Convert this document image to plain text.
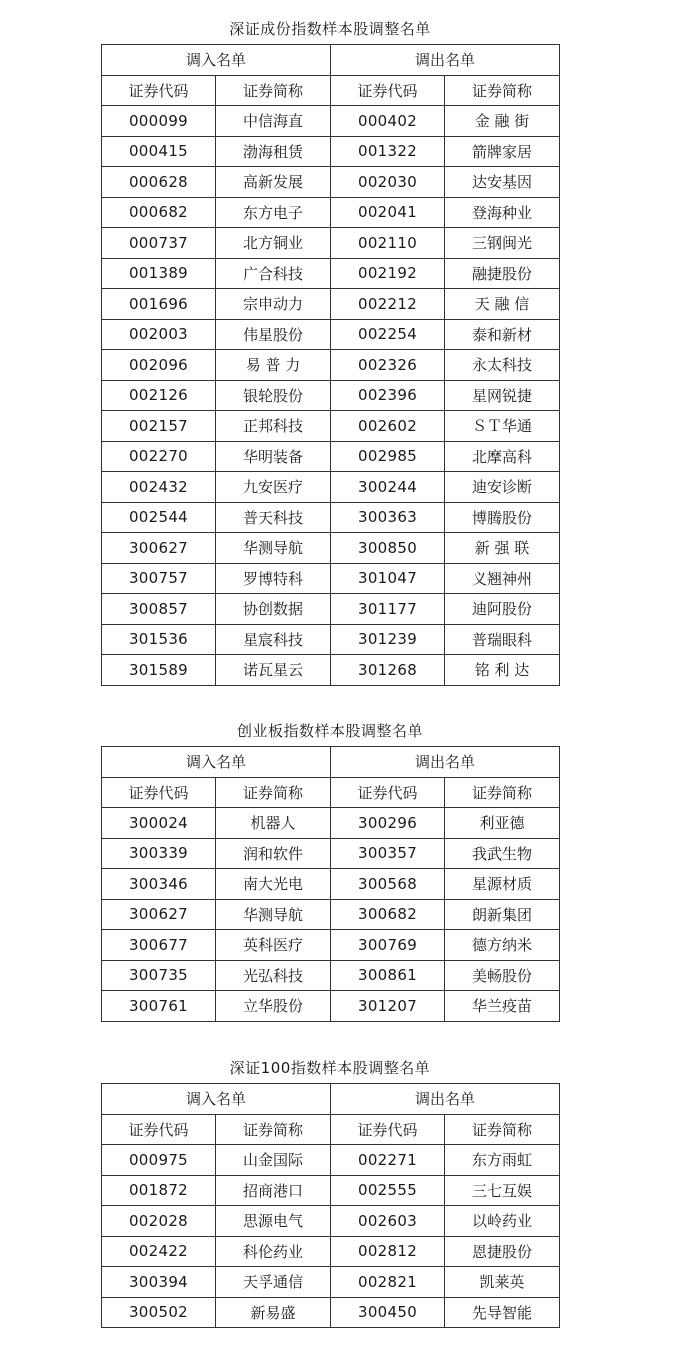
深证成份指数样本股调整名单
调入名单		调出名单	
证券代码	证券简称	证券代码	证券简称
000099	中信海直	000402	金 融 街
000415	渤海租赁	001322	箭牌家居
000628	高新发展	002030	达安基因
000682	东方电子	002041	登海种业
000737	北方铜业	002110	三钢闽光
001389	广合科技	002192	融捷股份
001696	宗申动力	002212	天 融 信
002003	伟星股份	002254	泰和新材
002096	易 普 力	002326	永太科技
002126	银轮股份	002396	星网锐捷
002157	正邦科技	002602	ＳＴ华通
002270	华明装备	002985	北摩高科
002432	九安医疗	300244	迪安诊断
002544	普天科技	300363	博腾股份
300627	华测导航	300850	新 强 联
300757	罗博特科	301047	义翘神州
300857	协创数据	301177	迪阿股份
301536	星宸科技	301239	普瑞眼科
301589	诺瓦星云	301268	铭 利 达
创业板指数样本股调整名单
调入名单		调出名单	
证券代码	证券简称	证券代码	证券简称
300024	机器人	300296	利亚德
300339	润和软件	300357	我武生物
300346	南大光电	300568	星源材质
300627	华测导航	300682	朗新集团
300677	英科医疗	300769	德方纳米
300735	光弘科技	300861	美畅股份
300761	立华股份	301207	华兰疫苗
深证100指数样本股调整名单
调入名单		调出名单	
证券代码	证券简称	证券代码	证券简称
000975	山金国际	002271	东方雨虹
001872	招商港口	002555	三七互娱
002028	思源电气	002603	以岭药业
002422	科伦药业	002812	恩捷股份
300394	天孚通信	002821	凯莱英
300502	新易盛	300450	先导智能
